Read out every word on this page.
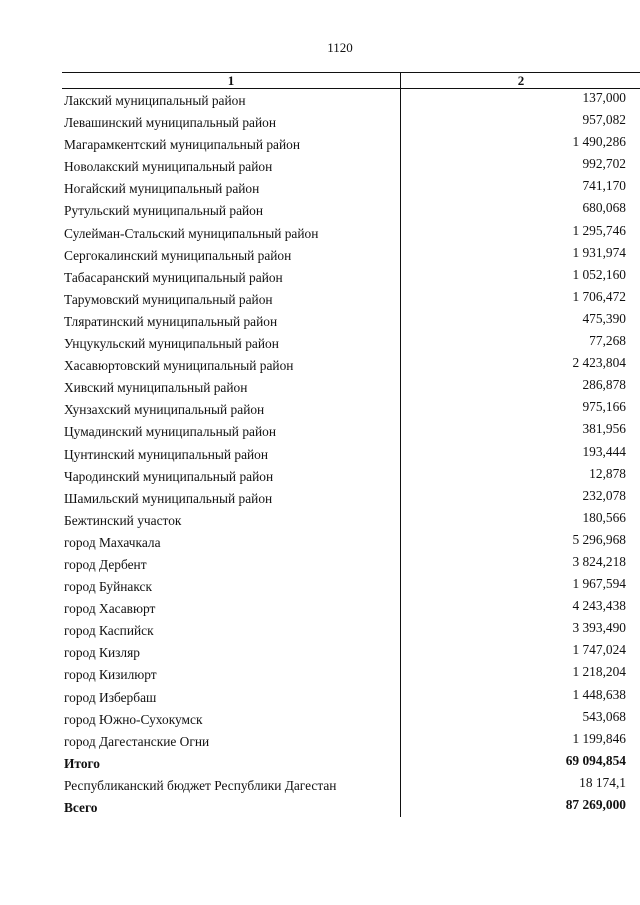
1120
1	2
Лакский муниципальный район	137,000
Левашинский муниципальный район	957,082
Магарамкентский муниципальный район	1 490,286
Новолакский муниципальный район	992,702
Ногайский муниципальный район	741,170
Рутульский муниципальный район	680,068
Сулейман-Стальский муниципальный район	1 295,746
Сергокалинский муниципальный район	1 931,974
Табасаранский муниципальный район	1 052,160
Тарумовский муниципальный район	1 706,472
Тляратинский муниципальный район	475,390
Унцукульский муниципальный район	77,268
Хасавюртовский муниципальный район	2 423,804
Хивский муниципальный район	286,878
Хунзахский муниципальный район	975,166
Цумадинский муниципальный район	381,956
Цунтинский муниципальный район	193,444
Чародинский муниципальный район	12,878
Шамильский муниципальный район	232,078
Бежтинский участок	180,566
город Махачкала	5 296,968
город Дербент	3 824,218
город Буйнакск	1 967,594
город Хасавюрт	4 243,438
город Каспийск	3 393,490
город Кизляр	1 747,024
город Кизилюрт	1 218,204
город Избербаш	1 448,638
город Южно-Сухокумск	543,068
город Дагестанские Огни	1 199,846
Итого	69 094,854
Республиканский бюджет Республики Дагестан	18 174,1
Всего	87 269,000
